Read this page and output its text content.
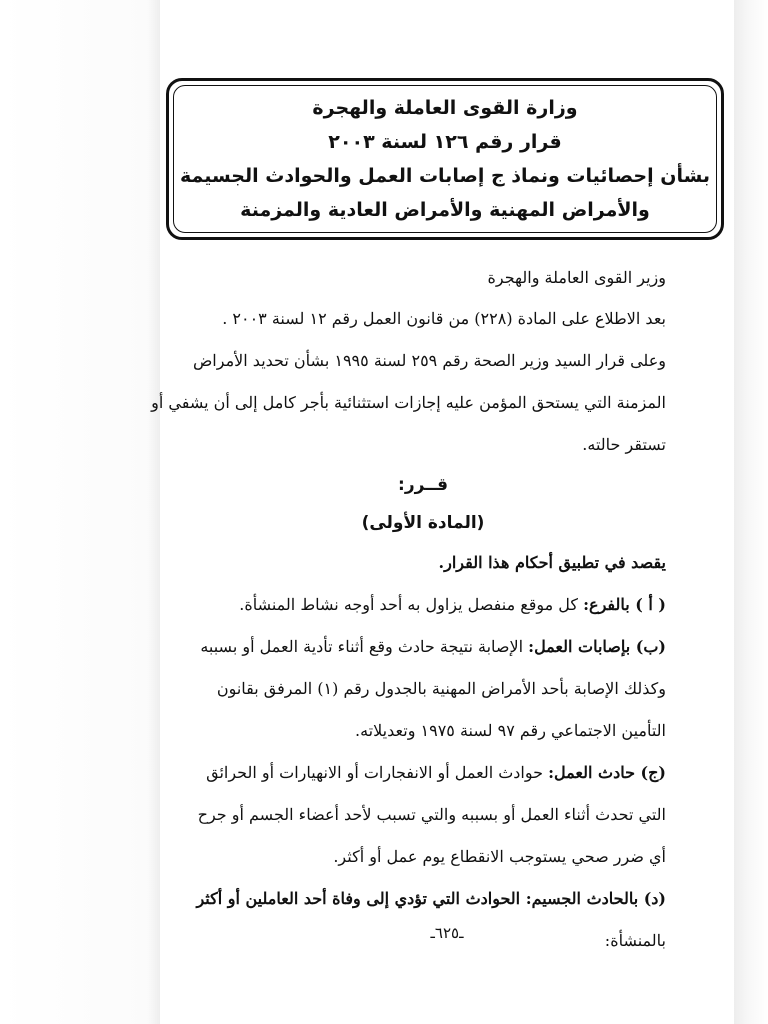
وزارة القوى العاملة والهجرة
قرار رقم ١٢٦ لسنة ٢٠٠٣
بشأن إحصائيات ونماذ ج إصابات العمل والحوادث الجسيمة
والأمراض المهنية والأمراض العادية والمزمنة
وزير القوى العاملة والهجرة
بعد الاطلاع على المادة (٢٢٨) من قانون العمل رقم ١٢ لسنة ٢٠٠٣ .
وعلى قرار السيد وزير الصحة رقم ٢٥٩ لسنة ١٩٩٥ بشأن تحديد الأمراض
المزمنة التي يستحق المؤمن عليه إجازات استثنائية بأجر كامل إلى أن يشفي أو
تستقر حالته.
قــرر:
(المادة الأولى)
يقصد في تطبيق أحكام هذا القرار.
( أ ) بالفرع: كل موقع منفصل يزاول به أحد أوجه نشاط المنشأة.
(ب) بإصابات العمل: الإصابة نتيجة حادث وقع أثناء تأدية العمل أو بسببه
وكذلك الإصابة بأحد الأمراض المهنية بالجدول رقم (١) المرفق بقانون
التأمين الاجتماعي رقم ٩٧ لسنة ١٩٧٥ وتعديلاته.
(ج) حادث العمل: حوادث العمل أو الانفجارات أو الانهيارات أو الحرائق
التي تحدث أثناء العمل أو بسببه والتي تسبب لأحد أعضاء الجسم أو جرح
أي ضرر صحي يستوجب الانقطاع يوم عمل أو أكثر.
(د) بالحادث الجسيم: الحوادث التي تؤدي إلى وفاة أحد العاملين أو أكثر
بالمنشأة:
ـ٦٢٥ـ
